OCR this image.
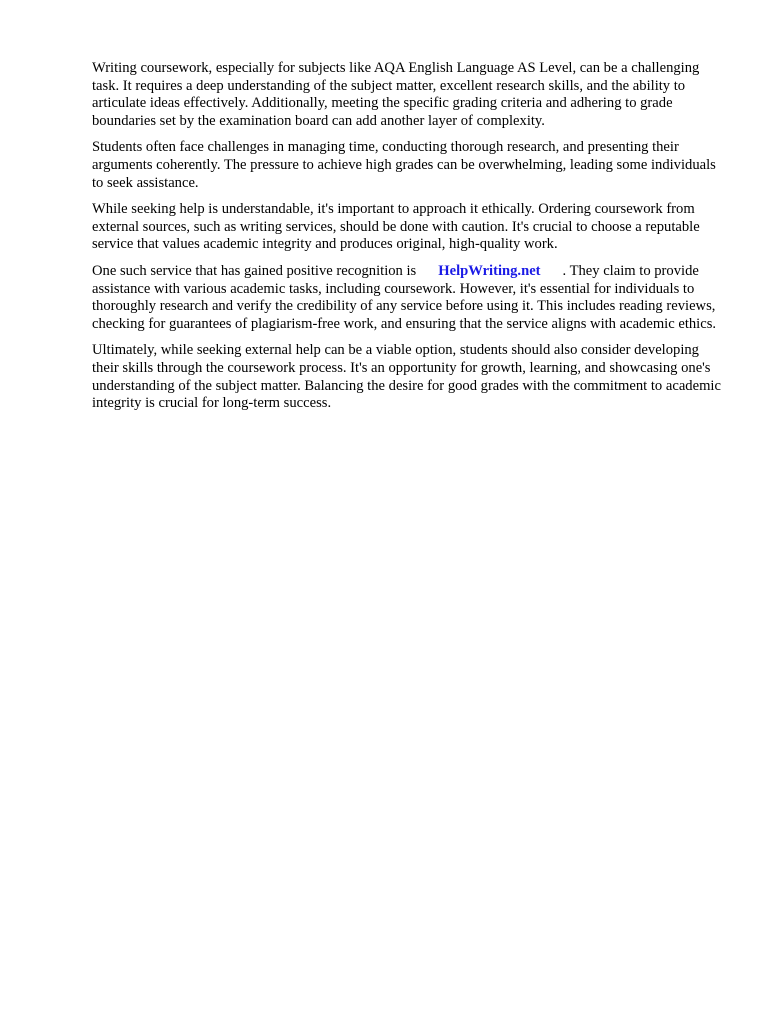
Writing coursework, especially for subjects like AQA English Language AS Level, can be a challenging task. It requires a deep understanding of the subject matter, excellent research skills, and the ability to articulate ideas effectively. Additionally, meeting the specific grading criteria and adhering to grade boundaries set by the examination board can add another layer of complexity.

Students often face challenges in managing time, conducting thorough research, and presenting their arguments coherently. The pressure to achieve high grades can be overwhelming, leading some individuals to seek assistance.

While seeking help is understandable, it's important to approach it ethically. Ordering coursework from external sources, such as writing services, should be done with caution. It's crucial to choose a reputable service that values academic integrity and produces original, high-quality work.

One such service that has gained positive recognition is HelpWriting.net . They claim to provide assistance with various academic tasks, including coursework. However, it's essential for individuals to thoroughly research and verify the credibility of any service before using it. This includes reading reviews, checking for guarantees of plagiarism-free work, and ensuring that the service aligns with academic ethics.

Ultimately, while seeking external help can be a viable option, students should also consider developing their skills through the coursework process. It's an opportunity for growth, learning, and showcasing one's understanding of the subject matter. Balancing the desire for good grades with the commitment to academic integrity is crucial for long-term success.
